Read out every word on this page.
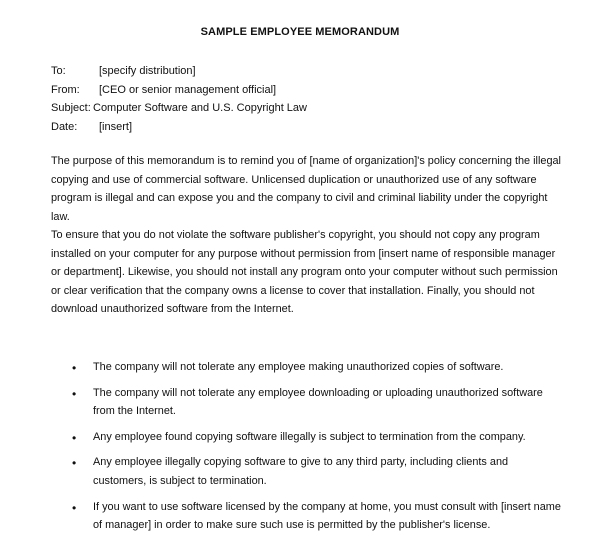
SAMPLE EMPLOYEE MEMORANDUM
To:	[specify distribution]
From: [CEO or senior management official]
Subject: Computer Software and U.S. Copyright Law
Date: [insert]

The purpose of this memorandum is to remind you of [name of organization]'s policy concerning the illegal copying and use of commercial software. Unlicensed duplication or unauthorized use of any software program is illegal and can expose you and the company to civil and criminal liability under the copyright law.

To ensure that you do not violate the software publisher's copyright, you should not copy any program installed on your computer for any purpose without permission from [insert name of responsible manager or department]. Likewise, you should not install any program onto your computer without such permission or clear verification that the company owns a license to cover that installation. Finally, you should not download unauthorized software from the Internet.

• The company will not tolerate any employee making unauthorized copies of software.
• The company will not tolerate any employee downloading or uploading unauthorized software from the Internet.
• Any employee found copying software illegally is subject to termination from the company.
• Any employee illegally copying software to give to any third party, including clients and customers, is subject to termination.
• If you want to use software licensed by the company at home, you must consult with [insert name of manager] in order to make sure such use is permitted by the publisher's license.
